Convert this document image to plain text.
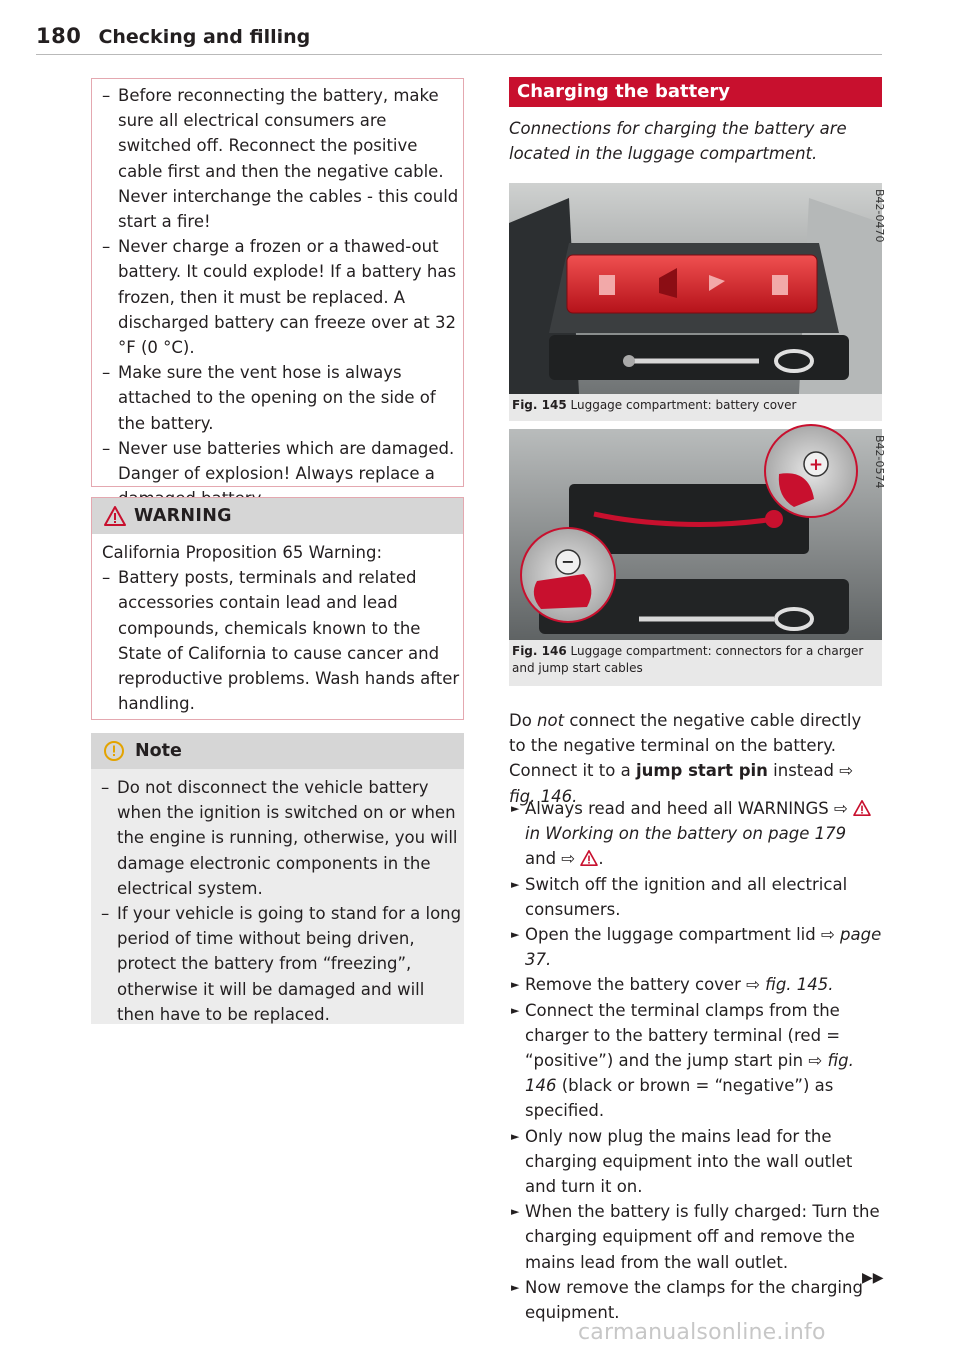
180 Checking and filling
– Before reconnecting the battery, make sure all electrical consumers are switched off. Reconnect the positive cable first and then the negative cable. Never interchange the cables - this could start a fire!
– Never charge a frozen or a thawed-out battery. It could explode! If a battery has frozen, then it must be replaced. A discharged battery can freeze over at 32 °F (0 °C).
– Make sure the vent hose is always attached to the opening on the side of the battery.
– Never use batteries which are damaged. Danger of explosion! Always replace a
WARNING
California Proposition 65 Warning:
– Battery posts, terminals and related accessories contain lead and lead compounds, chemicals known to the State of California to cause cancer and reproductive problems. Wash hands after handling.
Note
– Do not disconnect the vehicle battery when the ignition is switched on or when the engine is running, otherwise, you will damage electronic components in the electrical system.
– If your vehicle is going to stand for a long period of time without being driven, protect the battery from “freezing”, otherwise it will be damaged and will then have to be replaced.
Charging the battery
Connections for charging the battery are located in the luggage compartment.
B42-0470
Fig. 145 Luggage compartment: battery cover
−
+	B42-0574
Fig. 146 Luggage compartment: connectors for a charger and jump start cables
Do not connect the negative cable directly to the negative terminal on the battery. Connect it to a jump start pin instead ⇨ fig. 146.
► Always read and heed all WARNINGS ⇨  in Working on the battery on page 179 and ⇨ .
► Switch off the ignition and all electrical consumers.
► Open the luggage compartment lid ⇨ page 37.
► Remove the battery cover ⇨ fig. 145.
► Connect the terminal clamps from the charger to the battery terminal (red = “positive”) and the jump start pin ⇨ fig. 146 (black or brown = “negative”) as specified.
► Only now plug the mains lead for the charging equipment into the wall outlet and turn it on.
► When the battery is fully charged: Turn the charging equipment off and remove the mains lead from the wall outlet.
► Now remove the clamps for the charging equipment.
▶▶
carmanualsonline.info
